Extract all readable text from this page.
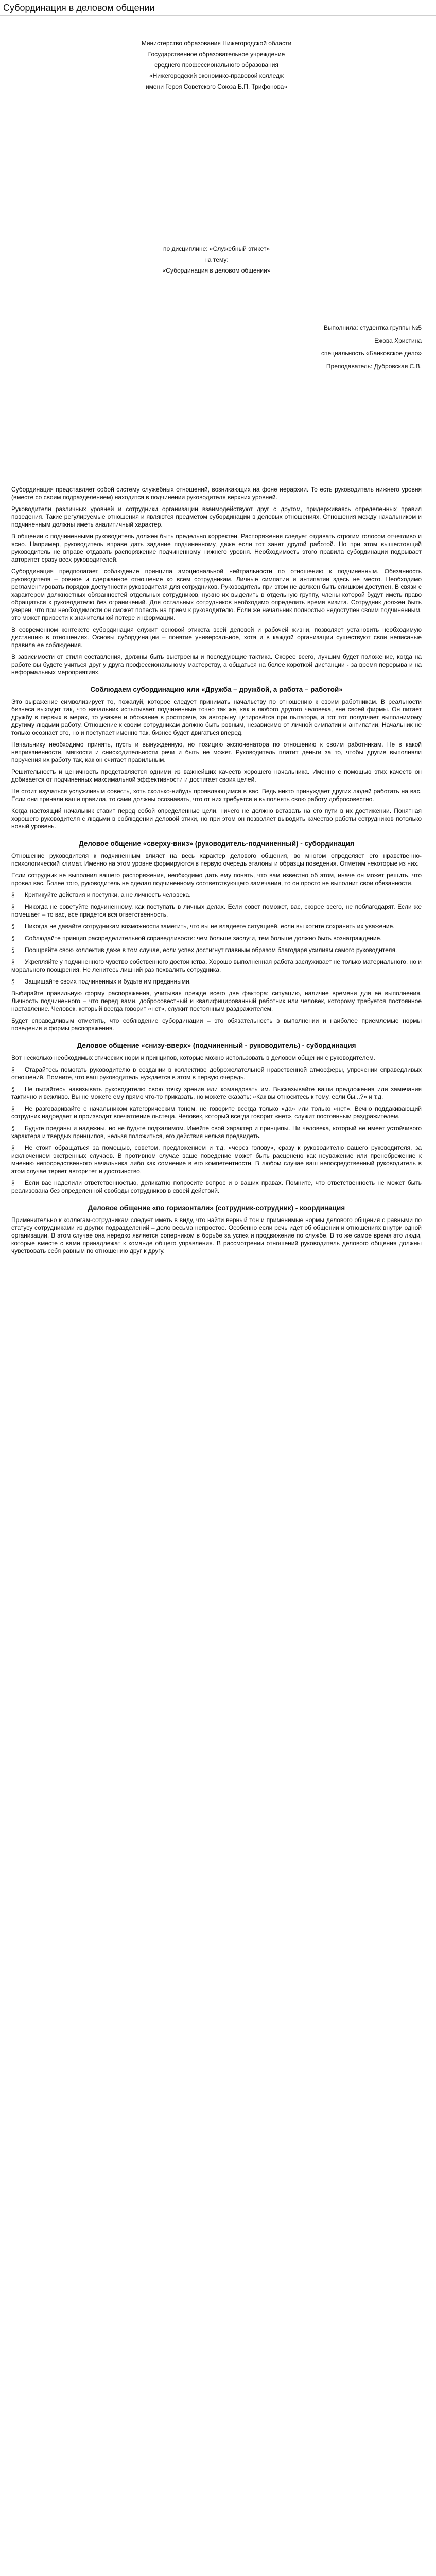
Субординация в деловом общении
Министерство образования Нижегородской области
Государственное образовательное учреждение
среднего профессионального образования
«Нижегородский экономико-правовой колледж
имени Героя Советского Союза Б.П. Трифонова»
по дисциплине: «Служебный этикет»
на тему:
«Субординация в деловом общении»
Выполнила: студентка группы №5
Ежова Христина
специальность «Банковское дело»
Преподаватель: Дубровская С.В.

Субординация представляет собой систему служебных отношений, возникающих на фоне иерархии. То есть руководитель нижнего уровня (вместе со своим подразделением) находится в подчинении руководителя верхних уровней.

Руководители различных уровней и сотрудники организации взаимодействуют друг с другом, придерживаясь определенных правил поведения. Такие регулируемые отношения и являются предметом субординации в деловых отношениях. Отношения между начальником и подчиненным должны иметь аналитичный характер.

В общении с подчиненными руководитель должен быть предельно корректен. Распоряжения следует отдавать строгим голосом отчетливо и ясно. Например, руководитель вправе дать задание подчиненному, даже если тот занят другой работой. Но при этом вышестоящий руководитель не вправе отдавать распоряжение подчиненному нижнего уровня. Необходимость этого правила субординации подрывает авторитет сразу всех руководителей.

Субординация предполагает соблюдение принципа эмоциональной нейтральности по отношению к подчиненным. Обязанность руководителя – ровное и сдержанное отношение ко всем сотрудникам. Личные симпатии и антипатии здесь не место. Необходимо регламентировать порядок доступности руководителя для сотрудников. Руководитель при этом не должен быть слишком доступен. В связи с характером должностных обязанностей отдельных сотрудников, нужно их выделить в отдельную группу, члены которой будут иметь право обращаться к руководителю без ограничений. Для остальных сотрудников необходимо определить время визита. Сотрудник должен быть уверен, что при необходимости он сможет попасть на прием к руководителю. Если же начальник полностью недоступен своим подчиненным, это может привести к значительной потере информации.

В современном контексте субординация служит основой этикета всей деловой и рабочей жизни, позволяет установить необходимую дистанцию в отношениях. Основы субординации – понятие универсальное, хотя и в каждой организации существуют свои неписаные правила ее соблюдения.

В зависимости от стиля составления, должны быть выстроены и последующие тактика. Скорее всего, лучшим будет положение, когда на работе вы будете учиться друг у друга профессиональному мастерству, а общаться на более короткой дистанции - за время перерыва и на неформальных мероприятиях.

Соблюдаем субординацию или «Дружба – дружбой, а работа – работой»

Это выражение символизирует то, пожалуй, которое следует принимать начальству по отношению к своим работникам. В реальности бизнеса выходит так, что начальник испытывает подчиненные точно так же, как и любого другого человека, вне своей фирмы. Он питает дружбу в первых в мерах, то уважен и обожание в ростпраче, за авторыну цитировётся при пытатора, а тот тот полупчает выполнимому другиму людьми работу. Отношение к своим сотрудникам должно быть ровным, независимо от личной симпатии и антипатии. Начальник не только осознает это, но и поступает именно так, бизнес будет двигаться вперед.

Начальнику необходимо принять, пусть и вынужденную, но позицию экспоненатора по отношению к своим работникам. Не в какой неприязненности, мягкости и снисходительности речи и быть не может. Руководитель платит деньги за то, чтобы другие выполняли поручения их работу так, как он считает правильным.

Решительность и ценичность представляется одними из важнейших качеств хорошего начальника. Именно с помощью этих качеств он добивается от подчиненных максимальной эффективности и достигает своих целей.

Не стоит изучаться услужливым совесть, хоть сколько-нибудь проявляющимся в вас. Ведь никто принуждает других людей работать на вас. Если они приняли ваши правила, то сами должны осознавать, что от них требуется и выполнять свою работу добросовестно.

Когда настоящий начальник ставит перед собой определенные цели, ничего не должно вставать на его пути в их достижении. Понятная хорошего руководителя с людьми в соблюдении деловой этики, но при этом он позволяет выводить качество работы сотрудников потолько новый уровень.

Деловое общение «сверху-вниз» (руководитель-подчиненный) - субординация

Отношение руководителя к подчиненным влияет на весь характер делового общения, во многом определяет его нравственно-психологический климат. Именно на этом уровне формируются в первую очередь эталоны и образцы поведения. Отметим некоторые из них.

Если сотрудник не выполнил вашего распоряжения, необходимо дать ему понять, что вам известно об этом, иначе он может решить, что провел вас. Более того, руководитель не сделал подчиненному соответствующего замечания, то он просто не выполнит свои обязанности.

§ Критикуйте действия и поступки, а не личность человека.
§ Никогда не советуйте подчиненному, как поступать в личных делах. Если совет поможет, вас, скорее всего, не поблагодарят. Если же помешает – то вас, все придется вся ответственность.
§ Никогда не давайте сотрудникам возможности заметить, что вы не владеете ситуацией, если вы хотите сохранить их уважение.
§ Соблюдайте принцип распределительной справедливости: чем больше заслуги, тем больше должно быть вознаграждение.
§ Поощряйте свою коллектив даже в том случае, если успех достигнут главным образом благодаря усилиям самого руководителя.
§ Укрепляйте у подчиненного чувство собственного достоинства. Хорошо выполненная работа заслуживает не только материального, но и морального поощрения. Не ленитесь лишний раз похвалить сотрудника.
§ Защищайте своих подчиненных и будьте им преданными.

Выбирайте правильную форму распоряжения, учитывая прежде всего две фактора: ситуацию, наличие времени для её выполнения. Личность подчиненного – что перед вами, добросовестный и квалифицированный работник или человек, которому требуется постоянное наставление. Человек, который всегда говорит «нет», служит постоянным раздражителем.

Будет справедливым отметить, что соблюдение субординации – это обязательность в выполнении и наиболее приемлемые нормы поведения и формы распоряжения.

Деловое общение «снизу-вверх» (подчиненный - руководитель) - субординация

Вот несколько необходимых этических норм и принципов, которые можно использовать в деловом общении с руководителем.

§ Старайтесь помогать руководителю в создании в коллективе доброжелательной нравственной атмосферы, упрочении справедливых отношений. Помните, что ваш руководитель нуждается в этом в первую очередь.
§ Не пытайтесь навязывать руководителю свою точку зрения или командовать им. Высказывайте ваши предложения или замечания тактично и вежливо. Вы не можете ему прямо что-то приказать, но можете сказать: «Как вы относитесь к тому, если бы...?» и т.д.
§ Не разговаривайте с начальником категорическим тоном, не говорите всегда только «да» или только «нет». Вечно поддакивающий сотрудник надоедает и производит впечатление льстеца. Человек, который всегда говорит «нет», служит постоянным раздражителем.
§ Будьте преданы и надежны, но не будьте подхалимом. Имейте свой характер и принципы. Ни человека, который не имеет устойчивого характера и твердых принципов, нельзя положиться, его действия нельзя предвидеть.
§ Не стоит обращаться за помощью, советом, предложением и т.д. «через голову», сразу к руководителю вашего руководителя, за исключением экстренных случаев. В противном случае ваше поведение может быть расценено как неуважение или пренебрежение к мнению непосредственного начальника либо как сомнение в его компетентности. В любом случае ваш непосредственный руководитель в этом случае теряет авторитет и достоинство.
§ Если вас наделили ответственностью, деликатно попросите вопрос и о ваших правах. Помните, что ответственность не может быть реализована без определенной свободы сотрудников в своей действий.
Деловое общение «по горизонтали» (сотрудник-сотрудник) - координация

Применительно к коллегам-сотрудникам следует иметь в виду, что найти верный тон и применимые нормы делового общения с равными по статусу сотрудниками из других подразделений – дело весьма непростое. Особенно если речь идет об общении и отношениях внутри одной организации. В этом случае она нередко является соперником в борьбе за успех и продвижение по службе. В то же самое время это люди, которые вместе с вами принадлежат к команде общего управления. В рассмотрении отношений руководитель делового общения должны чувствовать себя равным по отношению друг к другу.
